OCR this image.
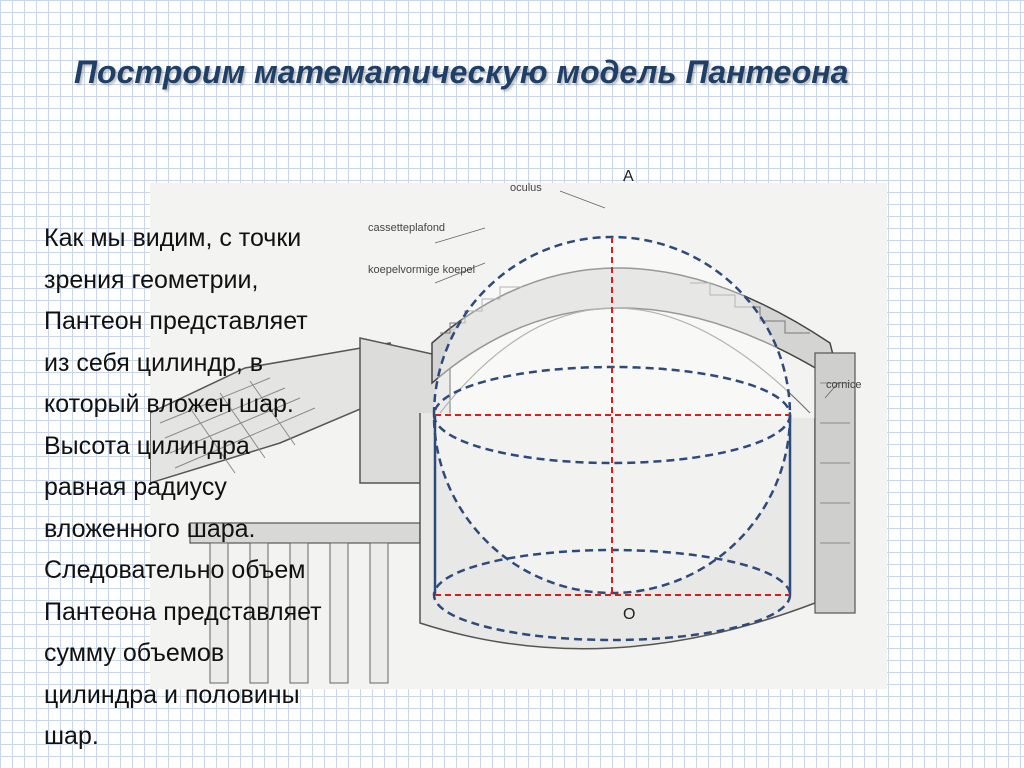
Построим математическую модель Пантеона
oculus
cassetteplafond
koepelvormige koepel
cornice
А
О
Как мы видим, с точки
зрения геометрии,
Пантеон представляет
из себя цилиндр, в
который вложен шар.
Высота цилиндра
равная радиусу
вложенного шара.
Следовательно объем
Пантеона представляет
сумму объемов
цилиндра и половины
шар.
